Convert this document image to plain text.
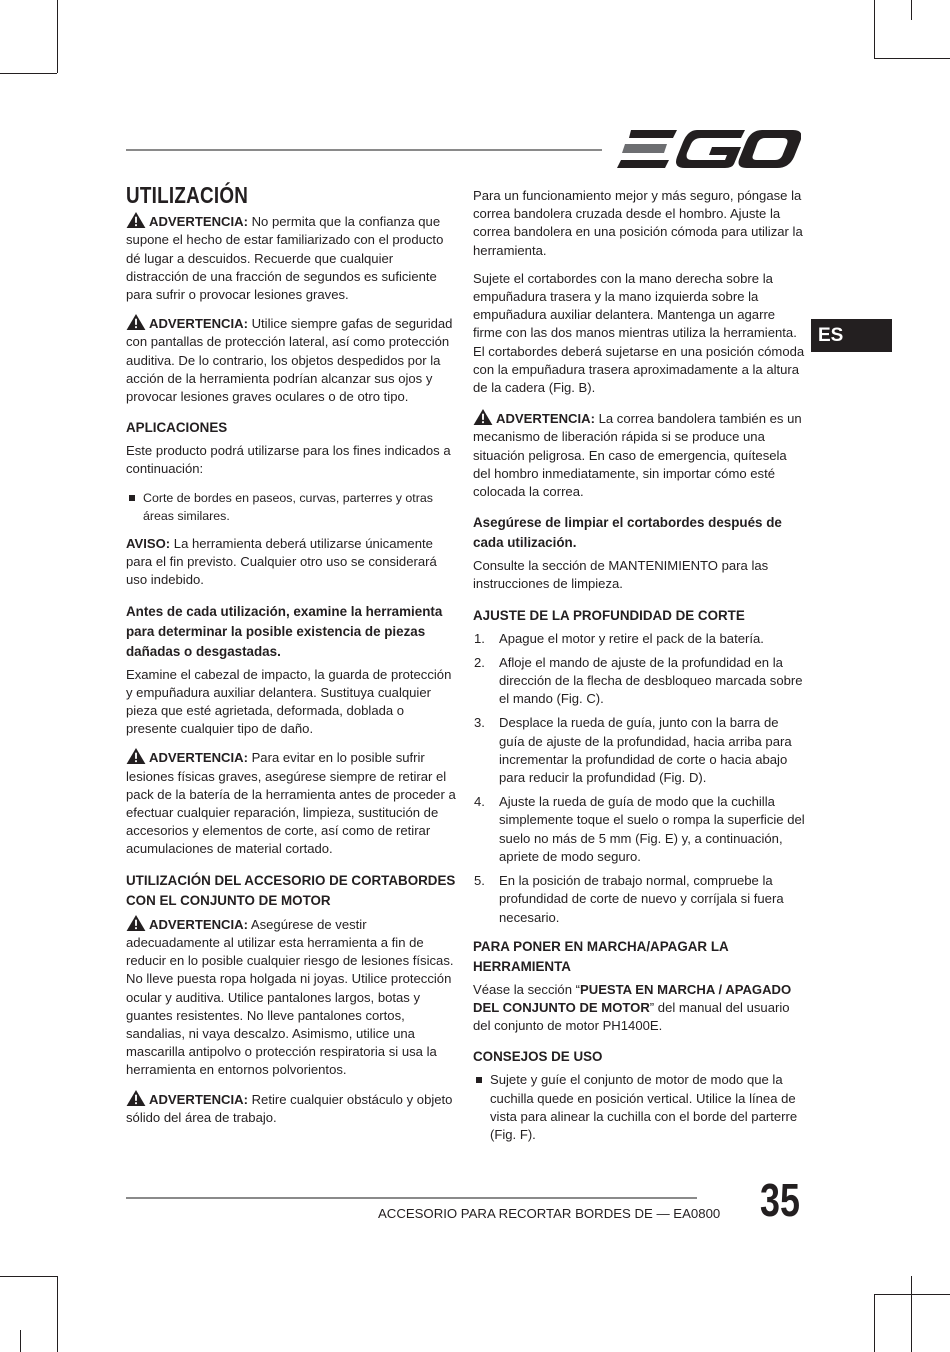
ES
UTILIZACIÓN

ADVERTENCIA: No permita que la confianza que supone el hecho de estar familiarizado con el producto dé lugar a descuidos. Recuerde que cualquier distracción de una fracción de segundos es suficiente para sufrir o provocar lesiones graves.

ADVERTENCIA: Utilice siempre gafas de seguridad con pantallas de protección lateral, así como protección auditiva. De lo contrario, los objetos despedidos por la acción de la herramienta podrían alcanzar sus ojos y provocar lesiones graves oculares o de otro tipo.

APLICACIONES

Este producto podrá utilizarse para los fines indicados a continuación:

Corte de bordes en paseos, curvas, parterres y otras áreas similares.

AVISO: La herramienta deberá utilizarse únicamente para el fin previsto. Cualquier otro uso se considerará uso indebido.

Antes de cada utilización, examine la herramienta para determinar la posible existencia de piezas dañadas o desgastadas.

Examine el cabezal de impacto, la guarda de protección y empuñadura auxiliar delantera. Sustituya cualquier pieza que esté agrietada, deformada, doblada o presente cualquier tipo de daño.

ADVERTENCIA: Para evitar en lo posible sufrir lesiones físicas graves, asegúrese siempre de retirar el pack de la batería de la herramienta antes de proceder a efectuar cualquier reparación, limpieza, sustitución de accesorios y elementos de corte, así como de retirar acumulaciones de material cortado.

UTILIZACIÓN DEL ACCESORIO DE CORTABORDES CON EL CONJUNTO DE MOTOR

ADVERTENCIA: Asegúrese de vestir adecuadamente al utilizar esta herramienta a fin de reducir en lo posible cualquier riesgo de lesiones físicas. No lleve puesta ropa holgada ni joyas. Utilice protección ocular y auditiva. Utilice pantalones largos, botas y guantes resistentes. No lleve pantalones cortos, sandalias, ni vaya descalzo. Asimismo, utilice una mascarilla antipolvo o protección respiratoria si usa la herramienta en entornos polvorientos.

ADVERTENCIA: Retire cualquier obstáculo y objeto sólido del área de trabajo.

Para un funcionamiento mejor y más seguro, póngase la correa bandolera cruzada desde el hombro. Ajuste la correa bandolera en una posición cómoda para utilizar la herramienta.

Sujete el cortabordes con la mano derecha sobre la empuñadura trasera y la mano izquierda sobre la empuñadura auxiliar delantera. Mantenga un agarre firme con las dos manos mientras utiliza la herramienta. El cortabordes deberá sujetarse en una posición cómoda con la empuñadura trasera aproximadamente a la altura de la cadera (Fig. B).

ADVERTENCIA: La correa bandolera también es un mecanismo de liberación rápida si se produce una situación peligrosa. En caso de emergencia, quítesela del hombro inmediatamente, sin importar cómo esté colocada la correa.

Asegúrese de limpiar el cortabordes después de cada utilización.

Consulte la sección de MANTENIMIENTO para las instrucciones de limpieza.

AJUSTE DE LA PROFUNDIDAD DE CORTE
1. Apague el motor y retire el pack de la batería.
2. Afloje el mando de ajuste de la profundidad en la dirección de la flecha de desbloqueo marcada sobre el mando (Fig. C).
3. Desplace la rueda de guía, junto con la barra de guía de ajuste de la profundidad, hacia arriba para incrementar la profundidad de corte o hacia abajo para reducir la profundidad (Fig. D).
4. Ajuste la rueda de guía de modo que la cuchilla simplemente toque el suelo o rompa la superficie del suelo no más de 5 mm (Fig. E) y, a continuación, apriete de modo seguro.
5. En la posición de trabajo normal, compruebe la profundidad de corte de nuevo y corríjala si fuera necesario.
PARA PONER EN MARCHA/APAGAR LA HERRAMIENTA

Véase la sección “PUESTA EN MARCHA / APAGADO DEL CONJUNTO DE MOTOR” del manual del usuario del conjunto de motor PH1400E.

CONSEJOS DE USO
Sujete y guíe el conjunto de motor de modo que la cuchilla quede en posición vertical. Utilice la línea de vista para alinear la cuchilla con el borde del parterre (Fig. F).
ACCESORIO PARA RECORTAR BORDES DE — EA0800 35
